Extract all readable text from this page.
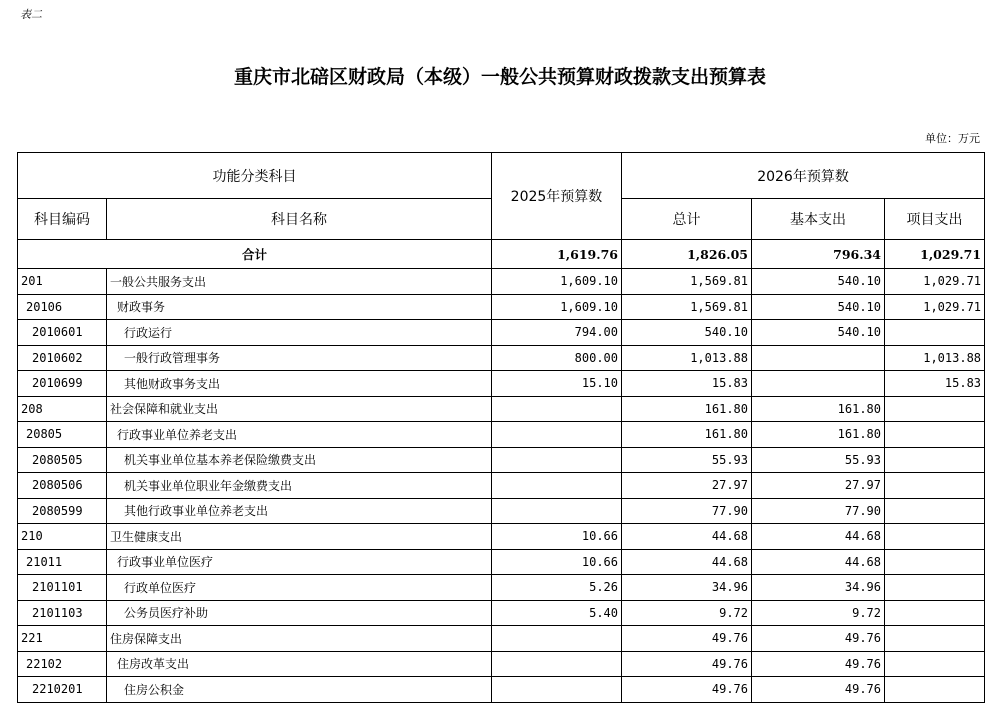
表二
重庆市北碚区财政局（本级）一般公共预算财政拨款支出预算表
单位：万元
功能分类科目		2025年预算数	2026年预算数		
科目编码	科目名称		总计	基本支出	项目支出
合计		1,619.76	1,826.05	796.34	1,029.71
201	一般公共服务支出	1,609.10	1,569.81	540.10	1,029.71
20106	财政事务	1,609.10	1,569.81	540.10	1,029.71
2010601	行政运行	794.00	540.10	540.10	
2010602	一般行政管理事务	800.00	1,013.88		1,013.88
2010699	其他财政事务支出	15.10	15.83		15.83
208	社会保障和就业支出		161.80	161.80	
20805	行政事业单位养老支出		161.80	161.80	
2080505	机关事业单位基本养老保险缴费支出		55.93	55.93	
2080506	机关事业单位职业年金缴费支出		27.97	27.97	
2080599	其他行政事业单位养老支出		77.90	77.90	
210	卫生健康支出	10.66	44.68	44.68	
21011	行政事业单位医疗	10.66	44.68	44.68	
2101101	行政单位医疗	5.26	34.96	34.96	
2101103	公务员医疗补助	5.40	9.72	9.72	
221	住房保障支出		49.76	49.76	
22102	住房改革支出		49.76	49.76	
2210201	住房公积金		49.76	49.76	
